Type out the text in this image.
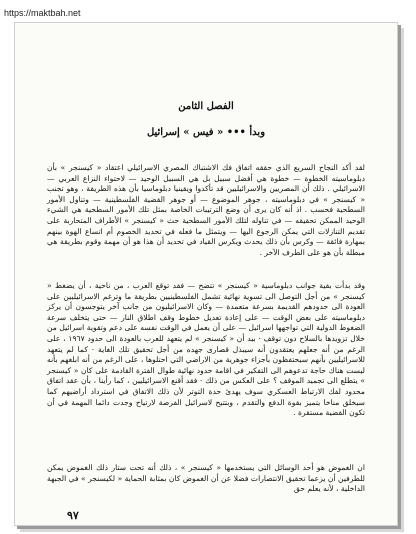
https://maktbah.net
الفصل الثامن
وبدأ ••• « فيس » إسرائيل
لقد أكد النجاح السريع الذي حققه اتفاق فك الاشتباك المصري الاسرائيلي اعتقاد « كيسنجر » بأن دبلوماسيته الخطوة — خطوة هي أفضل سبيل بل هي السبيل الوحيد — لاحتواء النزاع العربي — الاسرائيلي . ذلك أن المصريين والاسرائيليين قد تأكدوا ويقينيا دبلوماسيا بأن هذه الطريقة ، وهو تجنب « كيسنجر » في دبلوماسيته ، جوهر الموضوع — أو جوهر القضية الفلسطينية — وتناول الأمور السطحية فحسب . اذ أنه كان يرى أن وضع الترتيبات الخاصة بمثل تلك الأمور السطحية هي الشيء الوحيد الممكن تحقيقه — في تناوله لتلك الأمور السطحية حث « كيسنجر » الأطراف المتحاربة على تقديم التنازلات التي يمكن الرجوع اليها — ويتمثل ما فعله في تحديد الخصوم أم اتساع الهوة بينهم بمهارة فائقة — وكرس بأن ذلك يحدث ويكرس القياد في تحديد أن هذا هو أن مهمة وقوم بطريقة هي مبطلة بأن هو على الطرف الآخر .
وقد بدأت بقية جوانب دبلوماسية « كيسنجر » تتضح — فقد توقع العرب ، من ناحية ، أن يضغط « كيسنجر » من أجل التوصل الى تسوية نهائية تشمل الفلسطينيين بطريقة ما وترغم الاسرائيليين على العودة الى حدودهم القديمة بسرعة متعمدة — وكان الاسرائيليون من جانب آخر يتوجسون أن يركز دبلوماسيته على بعض الوقت — على إعادة تعديل خطوط وقف اطلاق النار — حتى يتخلف سرعة الضغوط الدولية التي تواجهها اسرائيل — على أن يعمل في الوقت نفسه على دعم وتقوية اسرائيل من خلال تزويدها بالسلاح دون توقف · بيد أن « كيسنجر » لم يتعهد للعرب بالعودة الى حدود ١٩٦٧ ، على الرغم من أنه جعلهم يعتقدون أنه سيبذل قصارى جهده من أجل تحقيق تلك الغاية · كما لم يتعهد للاسرائيليين بأنهم سيحتفظون بأجزاء جوهرية من الاراضي التي احتلوها ، على الرغم من أنه ابلغهم بأنه ليست هناك حاجة تدعوهم الى التفكير في اقامة حدود نهائية طوال الفترة القادمة على كان « كيسنجر » يتطلع الى تجميد الموقف ؟ على العكس من ذلك · فقد أقنع الاسرائيليين ، كما رأينا ، بأن عقد اتفاق محدود لفك الارتباط العسكري سوف يهدئ حدة التوتر لأن ذلك الاتفاق في استرداد أراضيهم كما سيخلق مناخا يتميز بقوة الدفع والتقدم ، وبتتيح لاسرائيل الفرصة لارتياح وجدت دائما المهمة في أن تكون القضية مستقرة .
ان الغموض هو أحد الوسائل التي يستخدمها « كيسنجر » ، ذلك أنه تحت ستار ذلك الغموض يمكن للطرفين أن يزعما تحقيق الانتصارات فضلا عن أن الغموض كان بمثابة الحماية « لكيسنجر » في الجبهة الداخلية ، لأنه يعلم حق
٩٧
